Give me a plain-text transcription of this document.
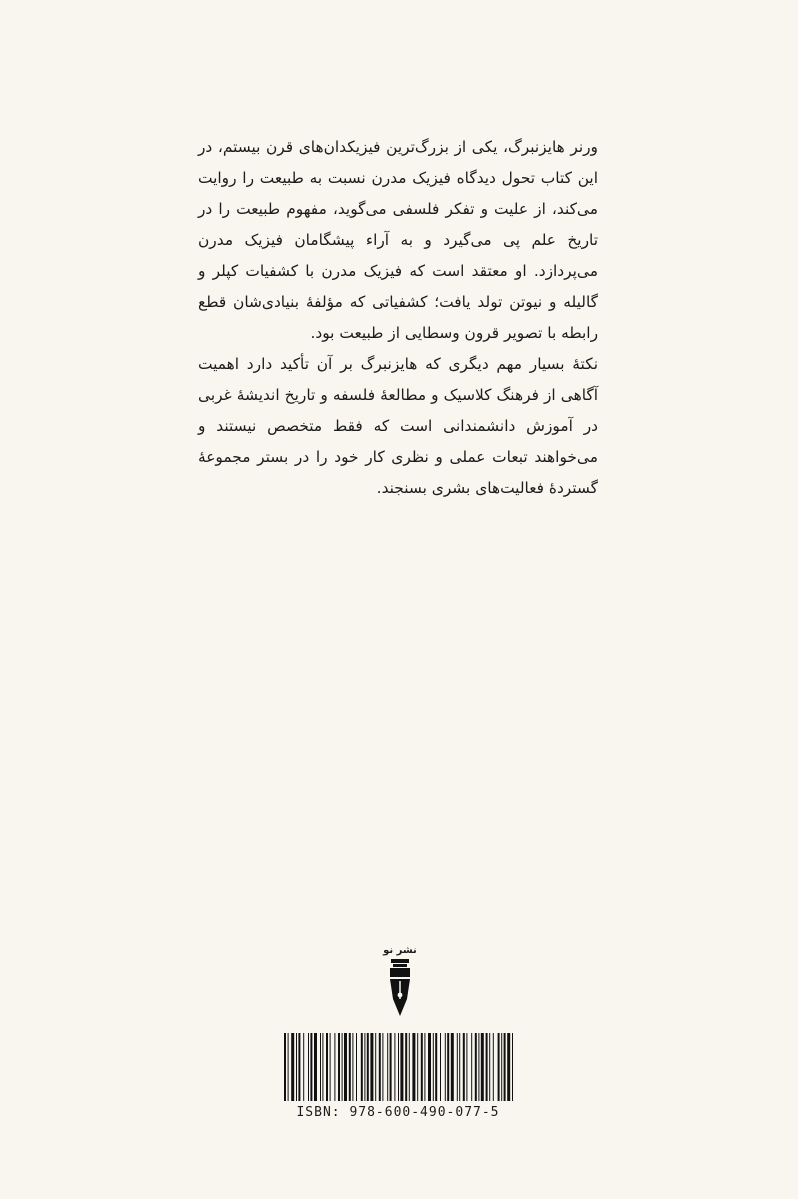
ورنر هایزنبرگ، یکی از بزرگ‌ترین فیزیکدان‌های قرن بیستم، در این کتاب تحول دیدگاه فیزیک مدرن نسبت به طبیعت را روایت می‌کند، از علیت و تفکر فلسفی می‌گوید، مفهوم طبیعت را در تاریخ علم پی می‌گیرد و به آراء پیشگامان فیزیک مدرن می‌پردازد. او معتقد است که فیزیک مدرن با کشفیات کپلر و گالیله و نیوتن تولد یافت؛ کشفیاتی که مؤلفهٔ بنیادی‌شان قطع رابطه با تصویر قرون وسطایی از طبیعت بود.

نکتهٔ بسیار مهم دیگری که هایزنبرگ بر آن تأکید دارد اهمیت آگاهی از فرهنگ کلاسیک و مطالعهٔ فلسفه و تاریخ اندیشهٔ غربی در آموزش دانشمندانی است که فقط متخصص نیستند و می‌خواهند تبعات عملی و نظری کار خود را در بستر مجموعهٔ گستردهٔ فعالیت‌های بشری بسنجند.

نشر نو
ISBN: 978-600-490-077-5
